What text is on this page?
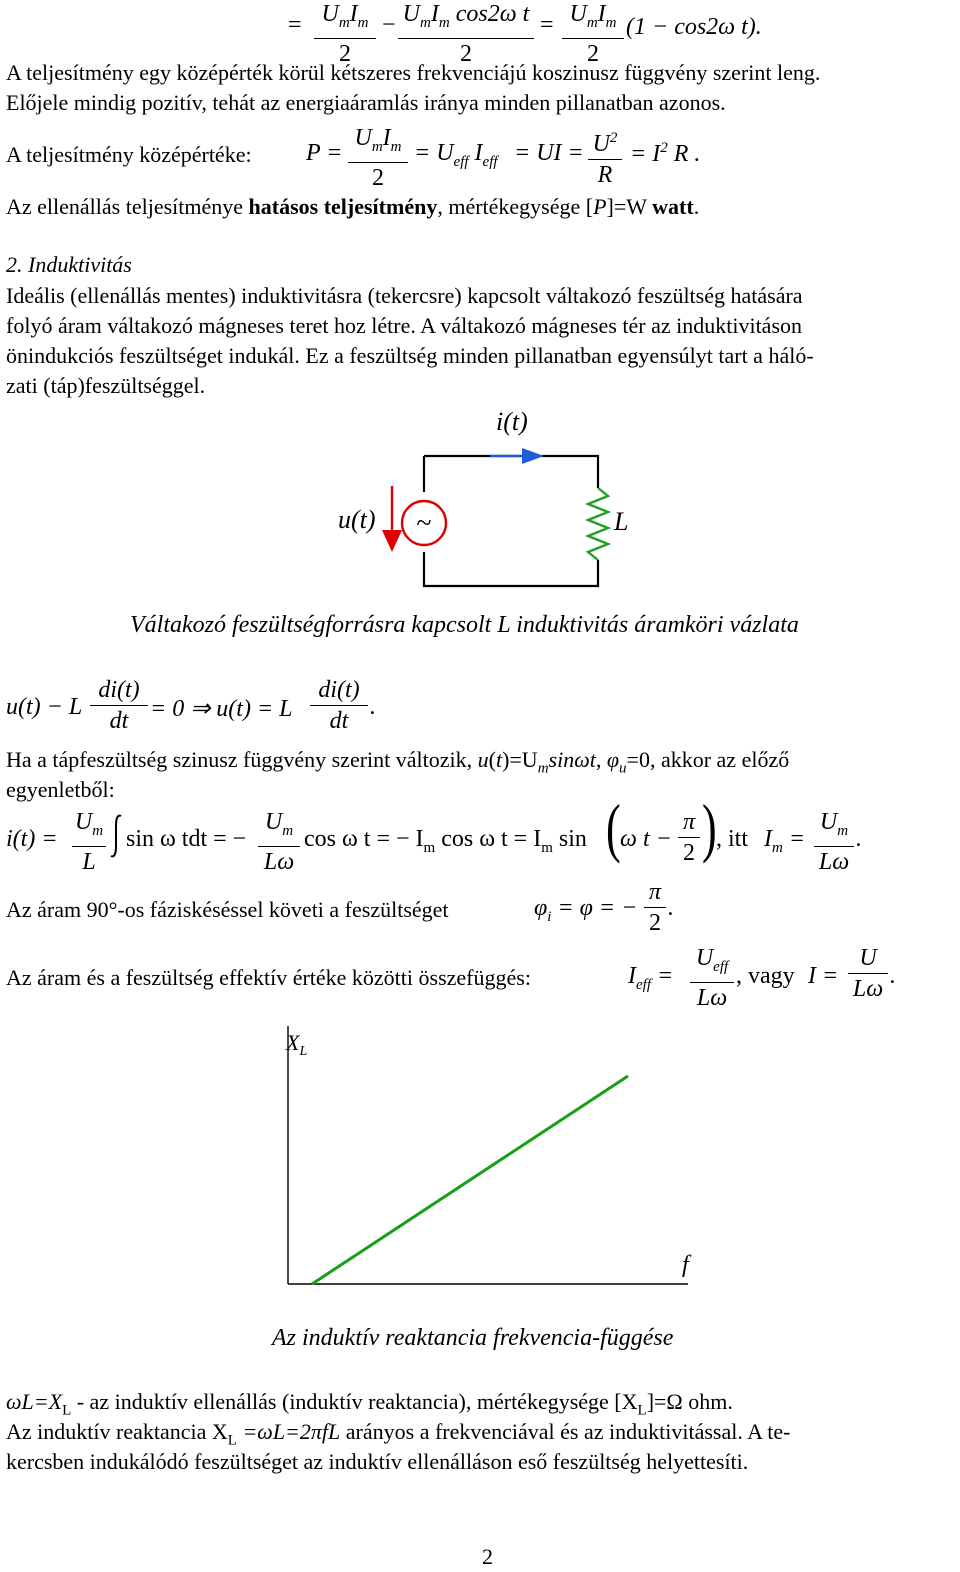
= $U_mI_m$
2
− $U_mI_m$ cos2ω t
2
= $U_mI_m$
2
(1 − cos2ω t).
A teljesítmény egy középérték körül kétszeres frekvenciájú koszinusz függvény szerint leng.
Előjele mindig pozitív, tehát az energiaáramlás iránya minden pillanatban azonos.
A teljesítmény középértéke: P =
$U_mI_m$
2
= $U_{eff}$ $I_{eff}$ = UI = $U^2$
R
= $I^2$ R .
Az ellenállás teljesítménye hatásos teljesítmény, mértékegysége [P]=W watt.
2. Induktivitás
Ideális (ellenállás mentes) induktivitásra (tekercsre) kapcsolt váltakozó feszültség hatására
folyó áram váltakozó mágneses teret hoz létre. A váltakozó mágneses tér az induktivitáson
önindukciós feszültséget indukál. Ez a feszültség minden pillanatban egyensúlyt tart a háló-
zati (táp)feszültséggel.
i(t)
~
u(t)	L
Váltakozó feszültségforrásra kapcsolt L induktivitás áramköri vázlata
u(t) − L
di(t)
dt = 0 ⇒ u(t) = L
di(t)
dt
.
Ha a tápfeszültség szinusz függvény szerint változik, $u(t)=U_m\sin\omega t$, $\varphi_u=0$, akkor az előző
egyenletből:
i(t) =
$U_m$
L
sin ω tdt = −
$U_m$
Lω
cos ω t = − $I_m$ cos ω $t = I_m$ sin ( ω t −
π
2 ) , itt $I_m$ =
$U_m$
Lω
.
Az áram 90°-os fáziskéséssel követi a feszültséget	$\varphi_i = \varphi$ = −
π
2
.
Az áram és a feszültség effektív értéke közötti összefüggés:	$I_{eff}$ =
$U_{eff}$
Lω
, vagy I =
U
Lω .
$X_L$
f
Az induktív reaktancia frekvencia-függése
$\omega L=X_L$ - az induktív ellenállás (induktív reaktancia), mértékegysége $[X_L]=\Omega$ ohm.
Az induktív reaktancia $X_L =\omega L=2\pi fL$ arányos a frekvenciával és az induktivitással. A te-
kercsben indukálódó feszültséget az induktív ellenálláson eső feszültség helyettesíti.
2
